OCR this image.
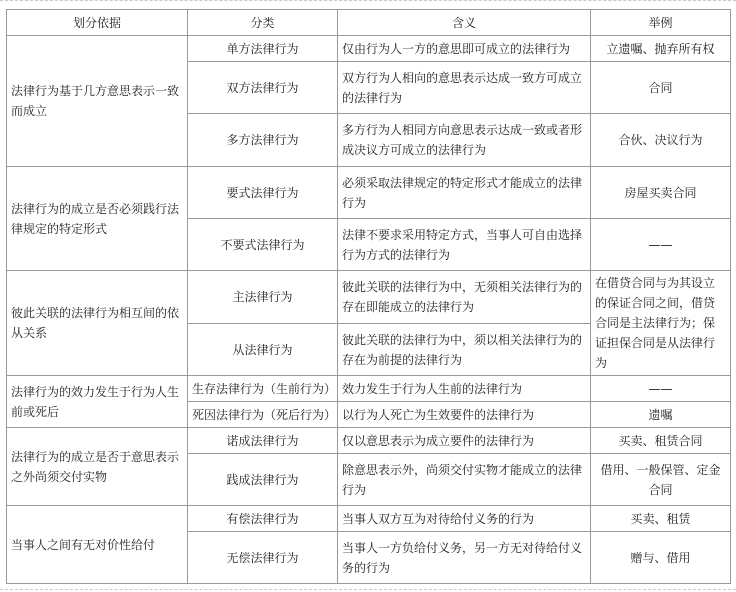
划分依据	分类	含义	举例
法律行为基于几方意思表示一致而成立	单方法律行为	仅由行为人一方的意思即可成立的法律行为	立遗嘱、抛弃所有权
	双方法律行为	双方行为人相向的意思表示达成一致方可成立的法律行为	合同
	多方法律行为	多方行为人相同方向意思表示达成一致或者形成决议方可成立的法律行为	合伙、决议行为
法律行为的成立是否必须践行法律规定的特定形式	要式法律行为	必须采取法律规定的特定形式才能成立的法律行为	房屋买卖合同
	不要式法律行为	法律不要求采用特定方式，当事人可自由选择行为方式的法律行为	——
彼此关联的法律行为相互间的依从关系	主法律行为	彼此关联的法律行为中，无须相关法律行为的存在即能成立的法律行为	在借贷合同与为其设立的保证合同之间，借贷合同是主法律行为；保证担保合同是从法律行为
	从法律行为	彼此关联的法律行为中，须以相关法律行为的存在为前提的法律行为	
法律行为的效力发生于行为人生前或死后	生存法律行为（生前行为）	效力发生于行为人生前的法律行为	——
	死因法律行为（死后行为）	以行为人死亡为生效要件的法律行为	遗嘱
法律行为的成立是否于意思表示之外尚须交付实物	诺成法律行为	仅以意思表示为成立要件的法律行为	买卖、租赁合同
	践成法律行为	除意思表示外，尚须交付实物才能成立的法律行为	借用、一般保管、定金合同
当事人之间有无对价性给付	有偿法律行为	当事人双方互为对待给付义务的行为	买卖、租赁
	无偿法律行为	当事人一方负给付义务，另一方无对待给付义务的行为	赠与、借用
